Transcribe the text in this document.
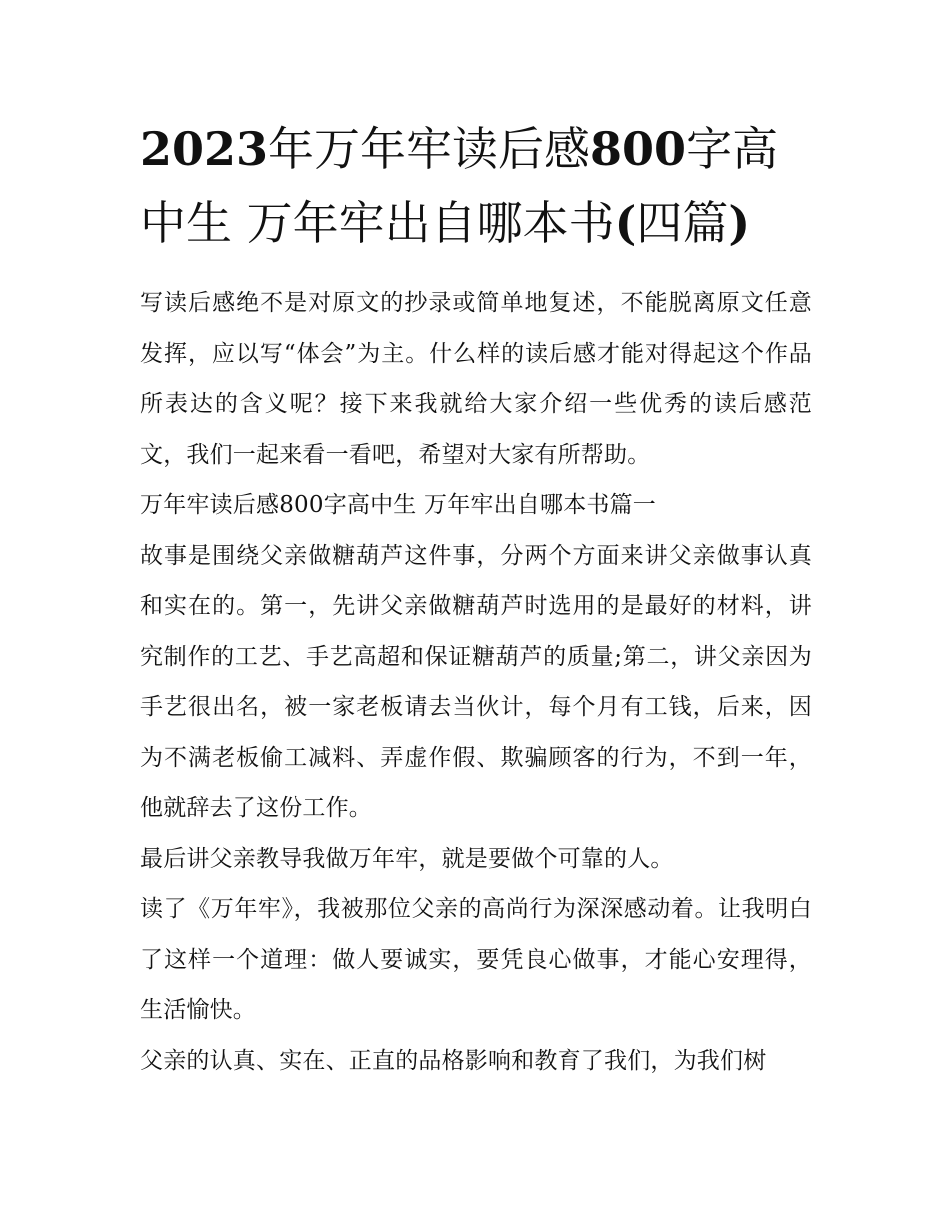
2023年万年牢读后感800字高
中生 万年牢出自哪本书(四篇)

写读后感绝不是对原文的抄录或简单地复述，不能脱离原文任意发挥，应以写“体会”为主。什么样的读后感才能对得起这个作品所表达的含义呢？接下来我就给大家介绍一些优秀的读后感范文，我们一起来看一看吧，希望对大家有所帮助。

万年牢读后感800字高中生 万年牢出自哪本书篇一

故事是围绕父亲做糖葫芦这件事，分两个方面来讲父亲做事认真和实在的。第一，先讲父亲做糖葫芦时选用的是最好的材料，讲究制作的工艺、手艺高超和保证糖葫芦的质量;第二，讲父亲因为手艺很出名，被一家老板请去当伙计，每个月有工钱，后来，因为不满老板偷工减料、弄虚作假、欺骗顾客的行为，不到一年，他就辞去了这份工作。

最后讲父亲教导我做万年牢，就是要做个可靠的人。

读了《万年牢》，我被那位父亲的高尚行为深深感动着。让我明白了这样一个道理：做人要诚实，要凭良心做事，才能心安理得，生活愉快。

父亲的认真、实在、正直的品格影响和教育了我们，为我们树
